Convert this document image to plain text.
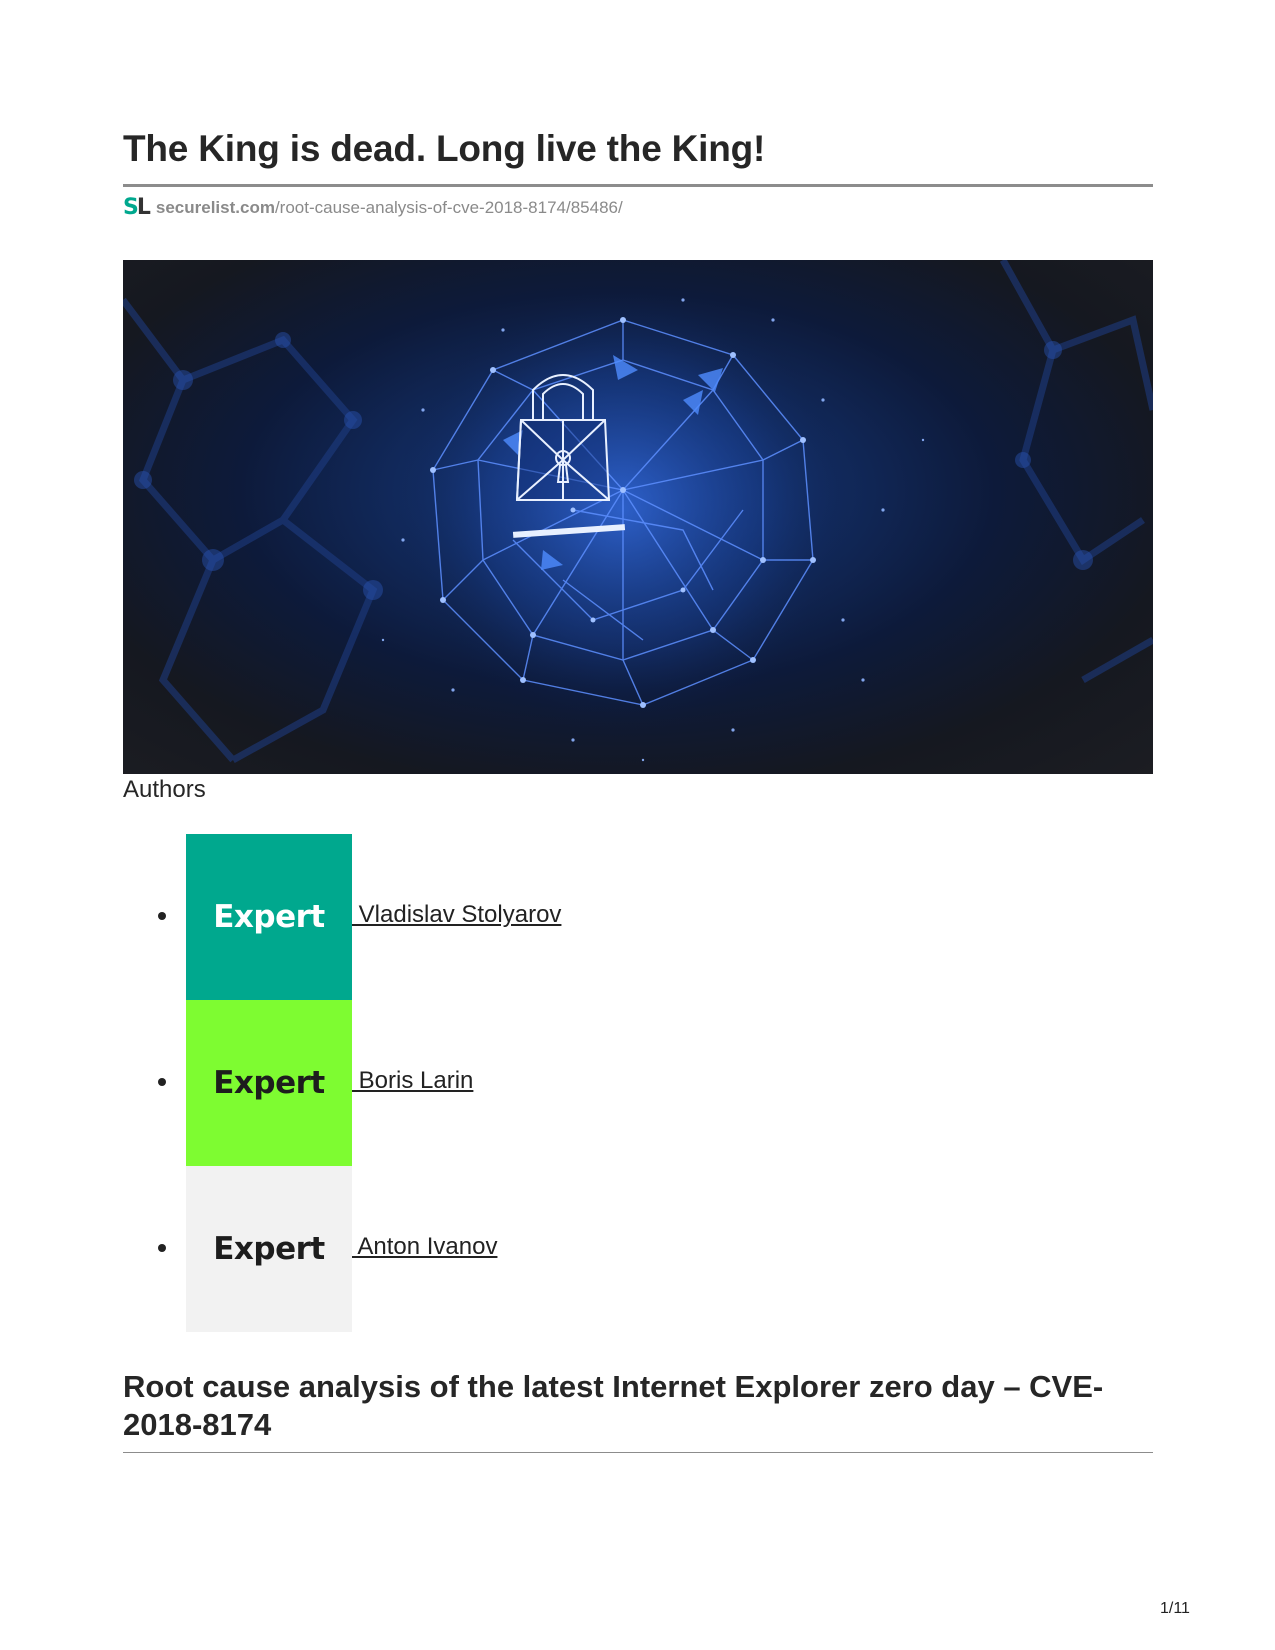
The King is dead. Long live the King!
SL securelist.com/root-cause-analysis-of-cve-2018-8174/85486/
Authors
Expert	Vladislav Stolyarov
Expert	Boris Larin
Expert	Anton Ivanov
Root cause analysis of the latest Internet Explorer zero day – CVE-2018-8174
1/11
